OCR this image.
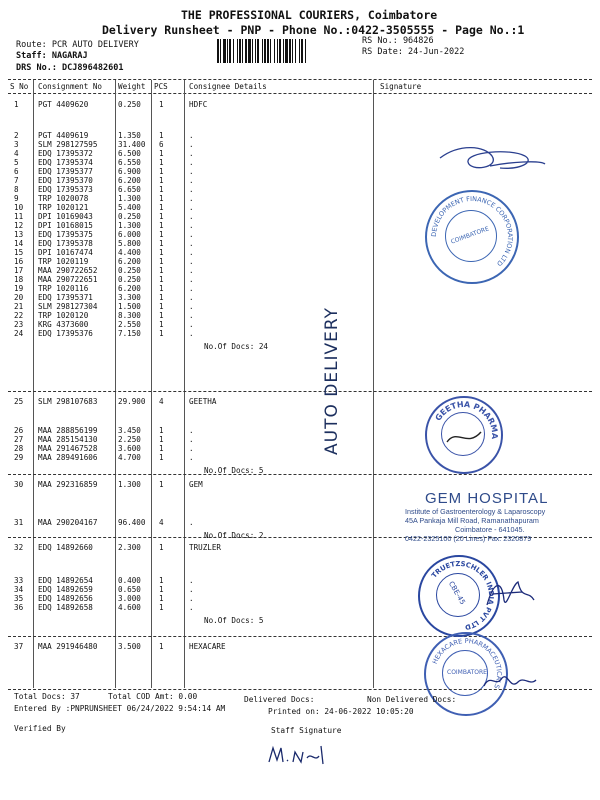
THE PROFESSIONAL COURIERS, Coimbatore
Delivery Runsheet - PNP - Phone No.:0422-3505555 - Page No.:1
Route: PCR AUTO DELIVERY
Staff: NAGARAJ
DRS No.: DCJ896482601
RS No.: 964826
RS Date: 24-Jun-2022
S No Consignment No Weight PCS	Consignee Details	Signature
1	PGT 4409620	0.250 1	HDFC
2	PGT 4409619	1.350 1	.
3	SLM 298127595	31.400 6	.
4	EDQ 17395372	6.500 1	.
5	EDQ 17395374	6.550 1	.
6	EDQ 17395377	6.900 1	.
7	EDQ 17395370	6.200 1	.
8	EDQ 17395373	6.650 1	.
9	TRP 1020078	1.300 1	.
10 TRP 1020121	5.400 1	.
11 DPI 10169043	0.250 1	.
12 DPI 10168015	1.300 1	.
13 EDQ 17395375	6.000 1	.
14 EDQ 17395378	5.800 1	.
15 DPI 10167474	4.400 1	.
16 TRP 1020119	6.200 1	.
17 MAA 290722652	0.250 1	.
18 MAA 290722651	0.250 1	.
19 TRP 1020116	6.200 1	.
20 EDQ 17395371	3.300 1	.
21 SLM 298127304	1.500 1	.
22 TRP 1020120	8.300 1	.
23 KRG 4373600	2.550 1	.
24 EDQ 17395376	7.150 1	.
No.Of Docs: 24
25 SLM 298107683	29.900 4	GEETHA
26 MAA 288856199	3.450 1	.
27 MAA 285154130	2.250 1	.
28 MAA 291467528	3.600 1	.
29 MAA 289491606	4.700 1	.
No.Of Docs: 5
30 MAA 292316859	1.300 1	GEM
31 MAA 290204167	96.400 4	.
No.Of Docs: 2
32 EDQ 14892660	2.300 1	TRUZLER
33 EDQ 14892654	0.400 1	.
34 EDQ 14892659	0.650 1	.
35 EDQ 14892656	3.000 1	.
36 EDQ 14892658	4.600 1	.
No.Of Docs: 5
37 MAA 291946480	3.500 1	HEXACARE
AUTO DELIVERY
DEVELOPMENT FINANCE CORPORATION LTD
COIMBATORE
GEETHA PHARMA
GEM HOSPITAL
Institute of Gastroenterology & Laparoscopy
45A Pankaja Mill Road, Ramanathapuram
Coimbatore - 641045.
0422-2325100 (20 Lines) Fax: 2320879
TRUETZSCHLER INDIA PVT LTD
CBE-45
HEXACARE PHARMACEUTICALS
COIMBATORE
Total Docs: 37	Total COD Amt: 0.00	Delivered Docs:	Non Delivered Docs:
Entered By :PNPRUNSHEET 06/24/2022 9:54:14 AM	Printed on: 24-06-2022 10:05:20
Verified By	Staff Signature
